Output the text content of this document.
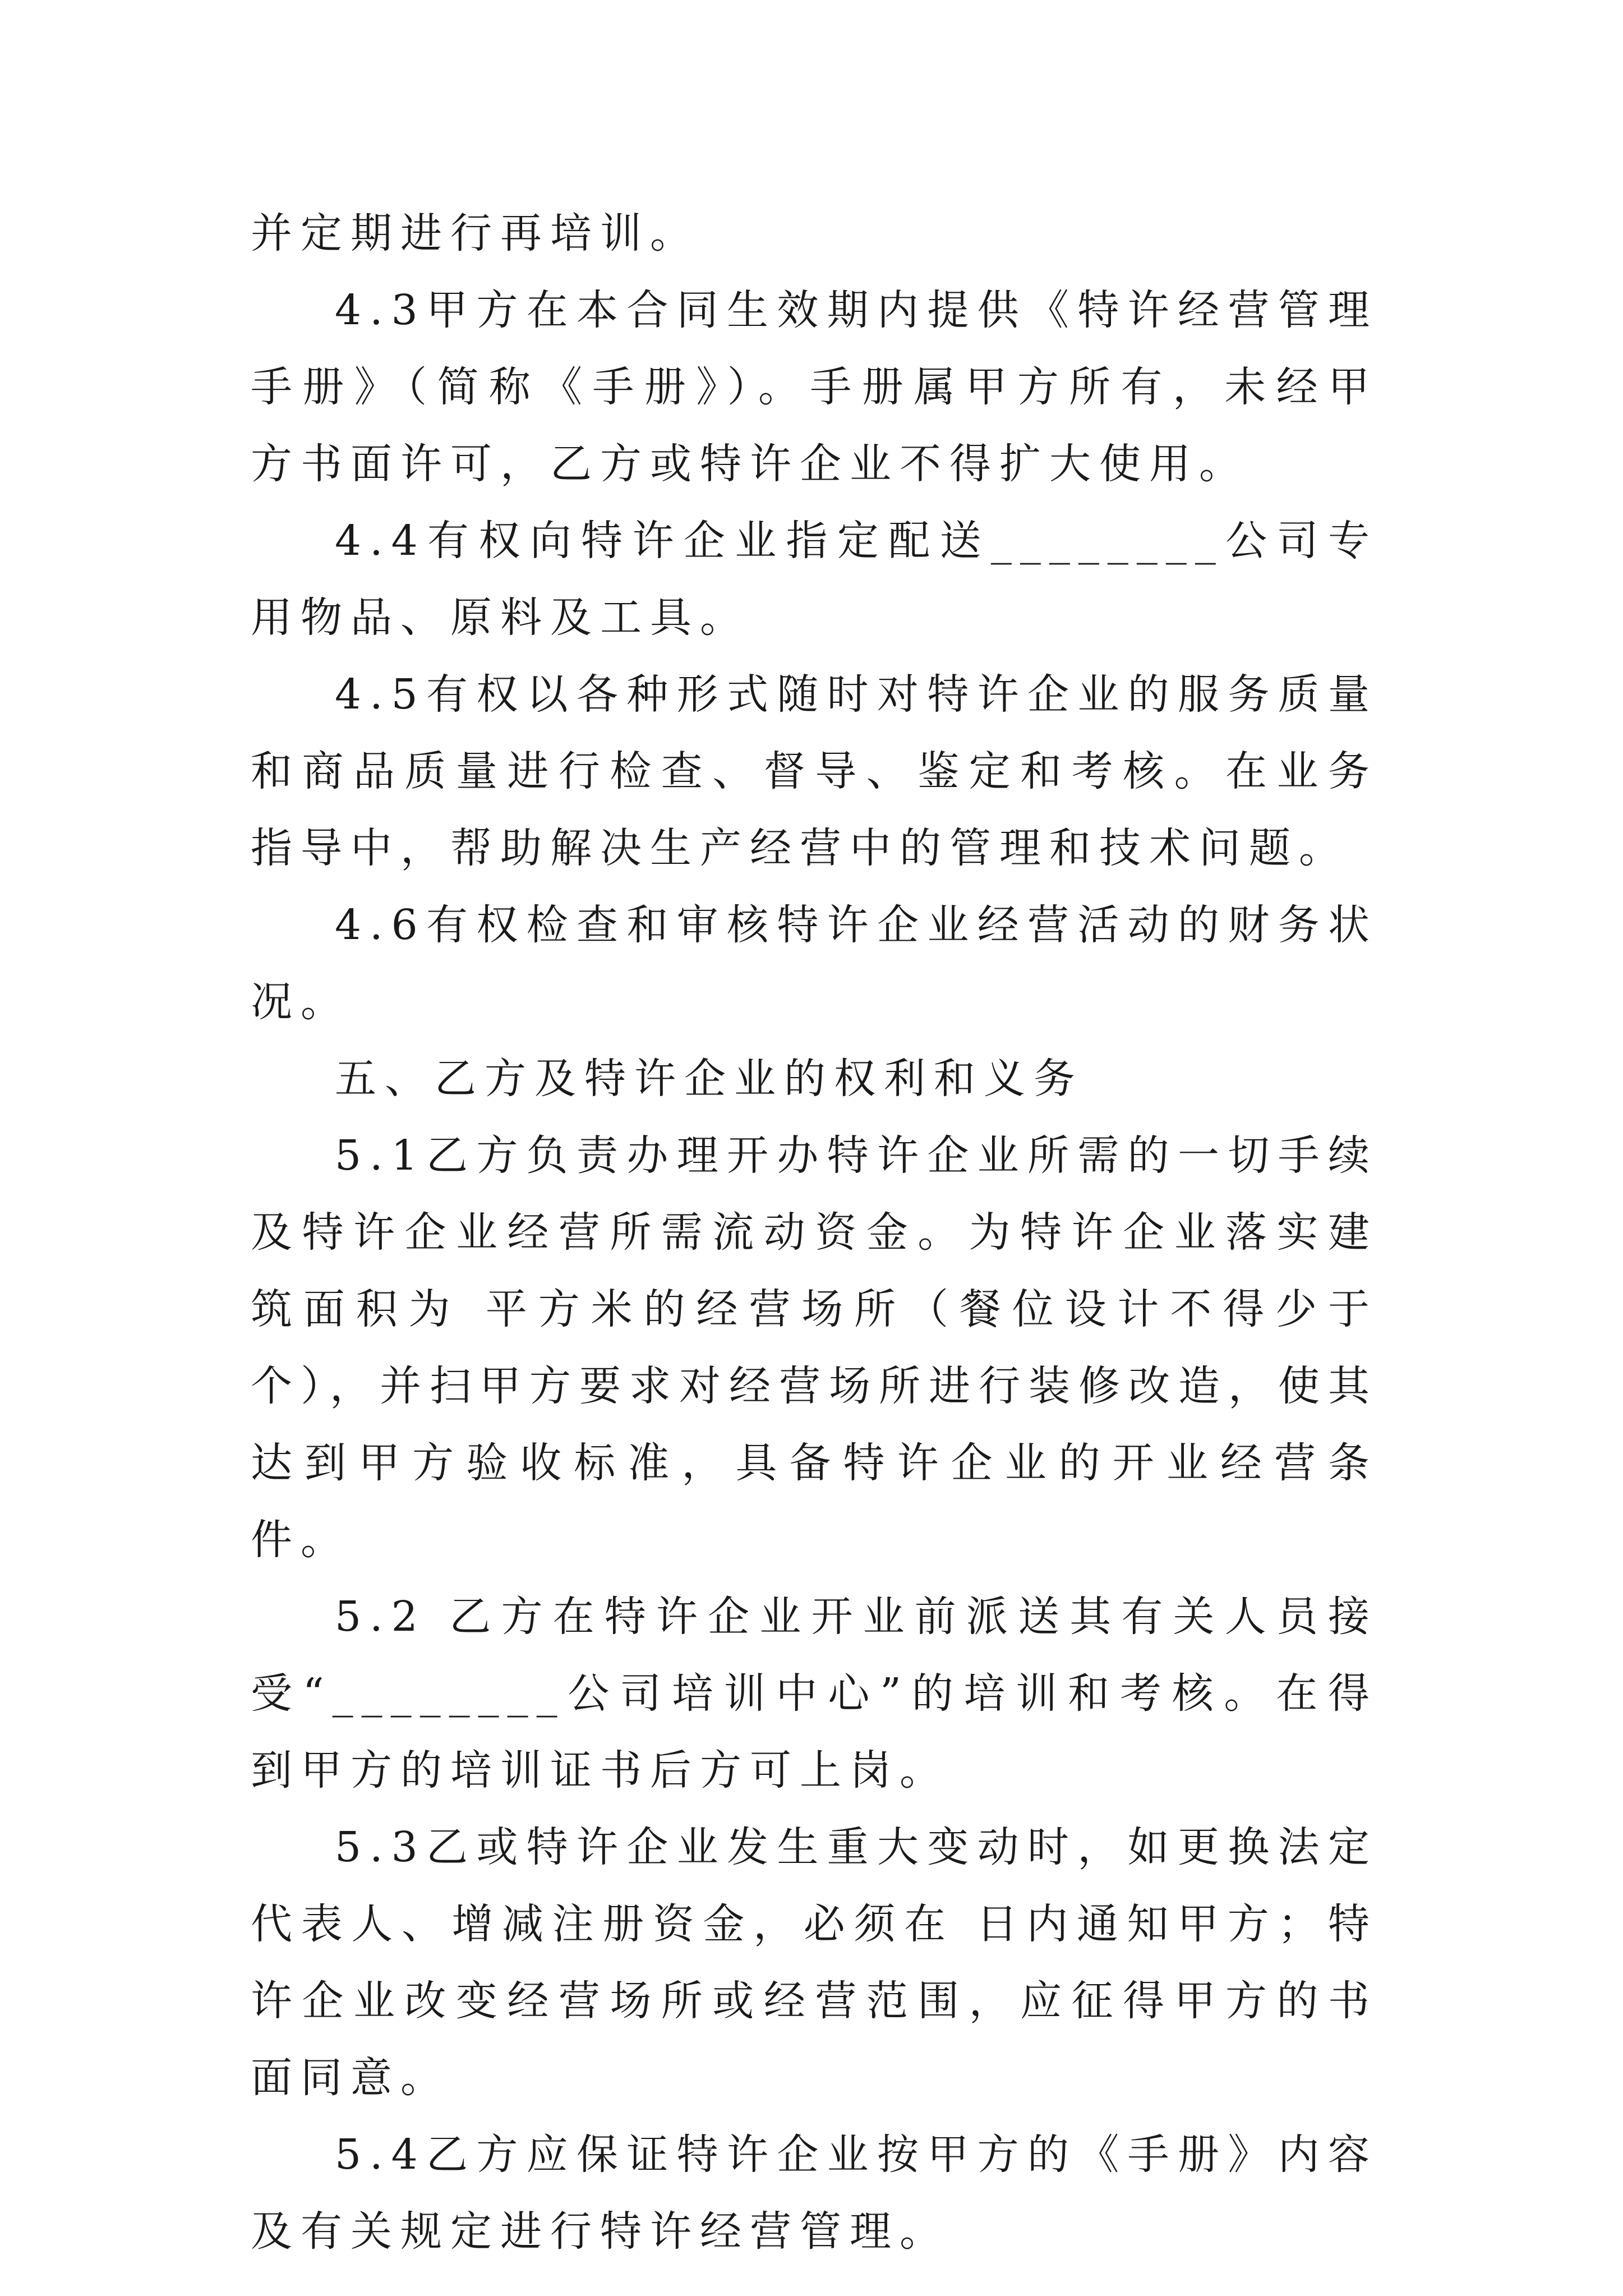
并定期进行再培训。

4.3甲方在本合同生效期内提供《特许经营管理手册》（简称《手册》）。手册属甲方所有，未经甲方书面许可，乙方或特许企业不得扩大使用。

4.4有权向特许企业指定配送________公司专用物品、原料及工具。

4.5有权以各种形式随时对特许企业的服务质量和商品质量进行检查、督导、鉴定和考核。在业务指导中，帮助解决生产经营中的管理和技术问题。

4.6有权检查和审核特许企业经营活动的财务状况。

五、乙方及特许企业的权利和义务

5.1乙方负责办理开办特许企业所需的一切手续及特许企业经营所需流动资金。为特许企业落实建筑面积为 平方米的经营场所（餐位设计不得少于个），并扫甲方要求对经营场所进行装修改造，使其达到甲方验收标准，具备特许企业的开业经营条件。

5.2 乙方在特许企业开业前派送其有关人员接受“________公司培训中心”的培训和考核。在得到甲方的培训证书后方可上岗。

5.3乙或特许企业发生重大变动时，如更换法定代表人、增减注册资金，必须在 日内通知甲方；特许企业改变经营场所或经营范围，应征得甲方的书面同意。

5.4乙方应保证特许企业按甲方的《手册》内容及有关规定进行特许经营管理。
